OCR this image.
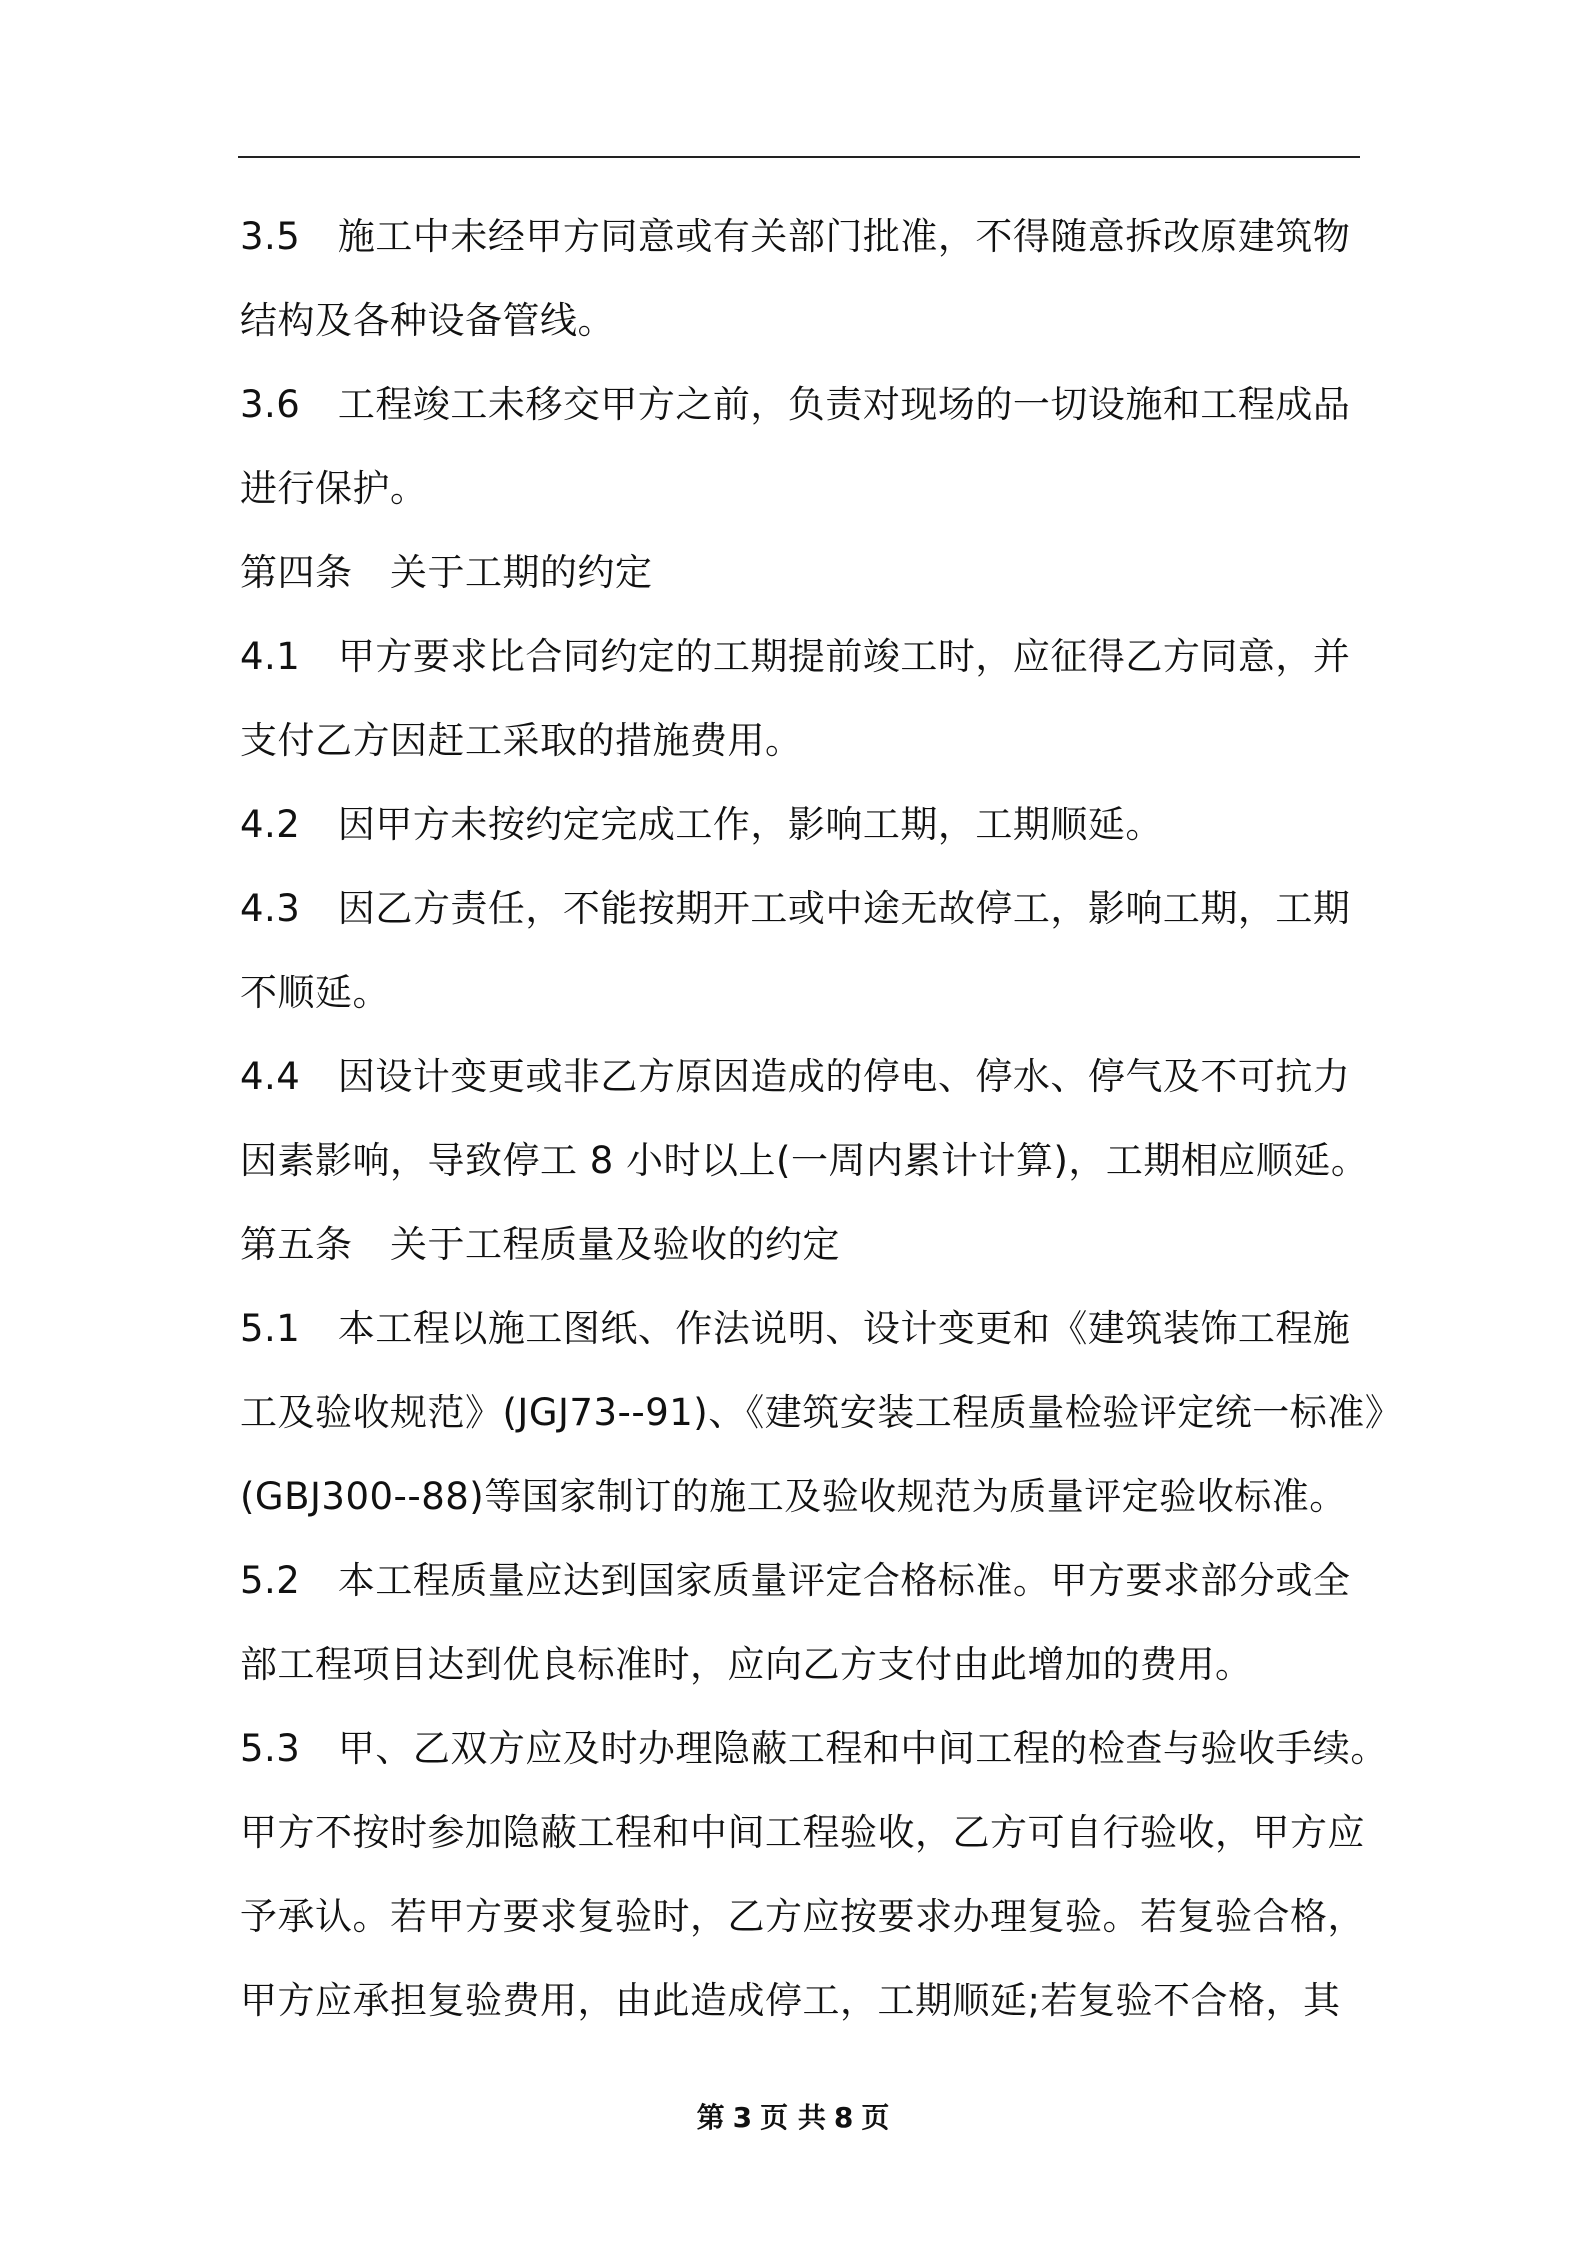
3.5　施工中未经甲方同意或有关部门批准，不得随意拆改原建筑物
结构及各种设备管线。
3.6　工程竣工未移交甲方之前，负责对现场的一切设施和工程成品
进行保护。
第四条　关于工期的约定
4.1　甲方要求比合同约定的工期提前竣工时，应征得乙方同意，并
支付乙方因赶工采取的措施费用。
4.2　因甲方未按约定完成工作，影响工期，工期顺延。
4.3　因乙方责任，不能按期开工或中途无故停工，影响工期，工期
不顺延。
4.4　因设计变更或非乙方原因造成的停电、停水、停气及不可抗力
因素影响，导致停工 8 小时以上(一周内累计计算)，工期相应顺延。
第五条　关于工程质量及验收的约定
5.1　本工程以施工图纸、作法说明、设计变更和《建筑装饰工程施
工及验收规范》(JGJ73--91)、《建筑安装工程质量检验评定统一标准》
(GBJ300--88)等国家制订的施工及验收规范为质量评定验收标准。
5.2　本工程质量应达到国家质量评定合格标准。甲方要求部分或全
部工程项目达到优良标准时，应向乙方支付由此增加的费用。
5.3　甲、乙双方应及时办理隐蔽工程和中间工程的检查与验收手续。
甲方不按时参加隐蔽工程和中间工程验收，乙方可自行验收，甲方应
予承认。若甲方要求复验时，乙方应按要求办理复验。若复验合格，
甲方应承担复验费用，由此造成停工，工期顺延;若复验不合格，其
第 3 页 共 8 页
